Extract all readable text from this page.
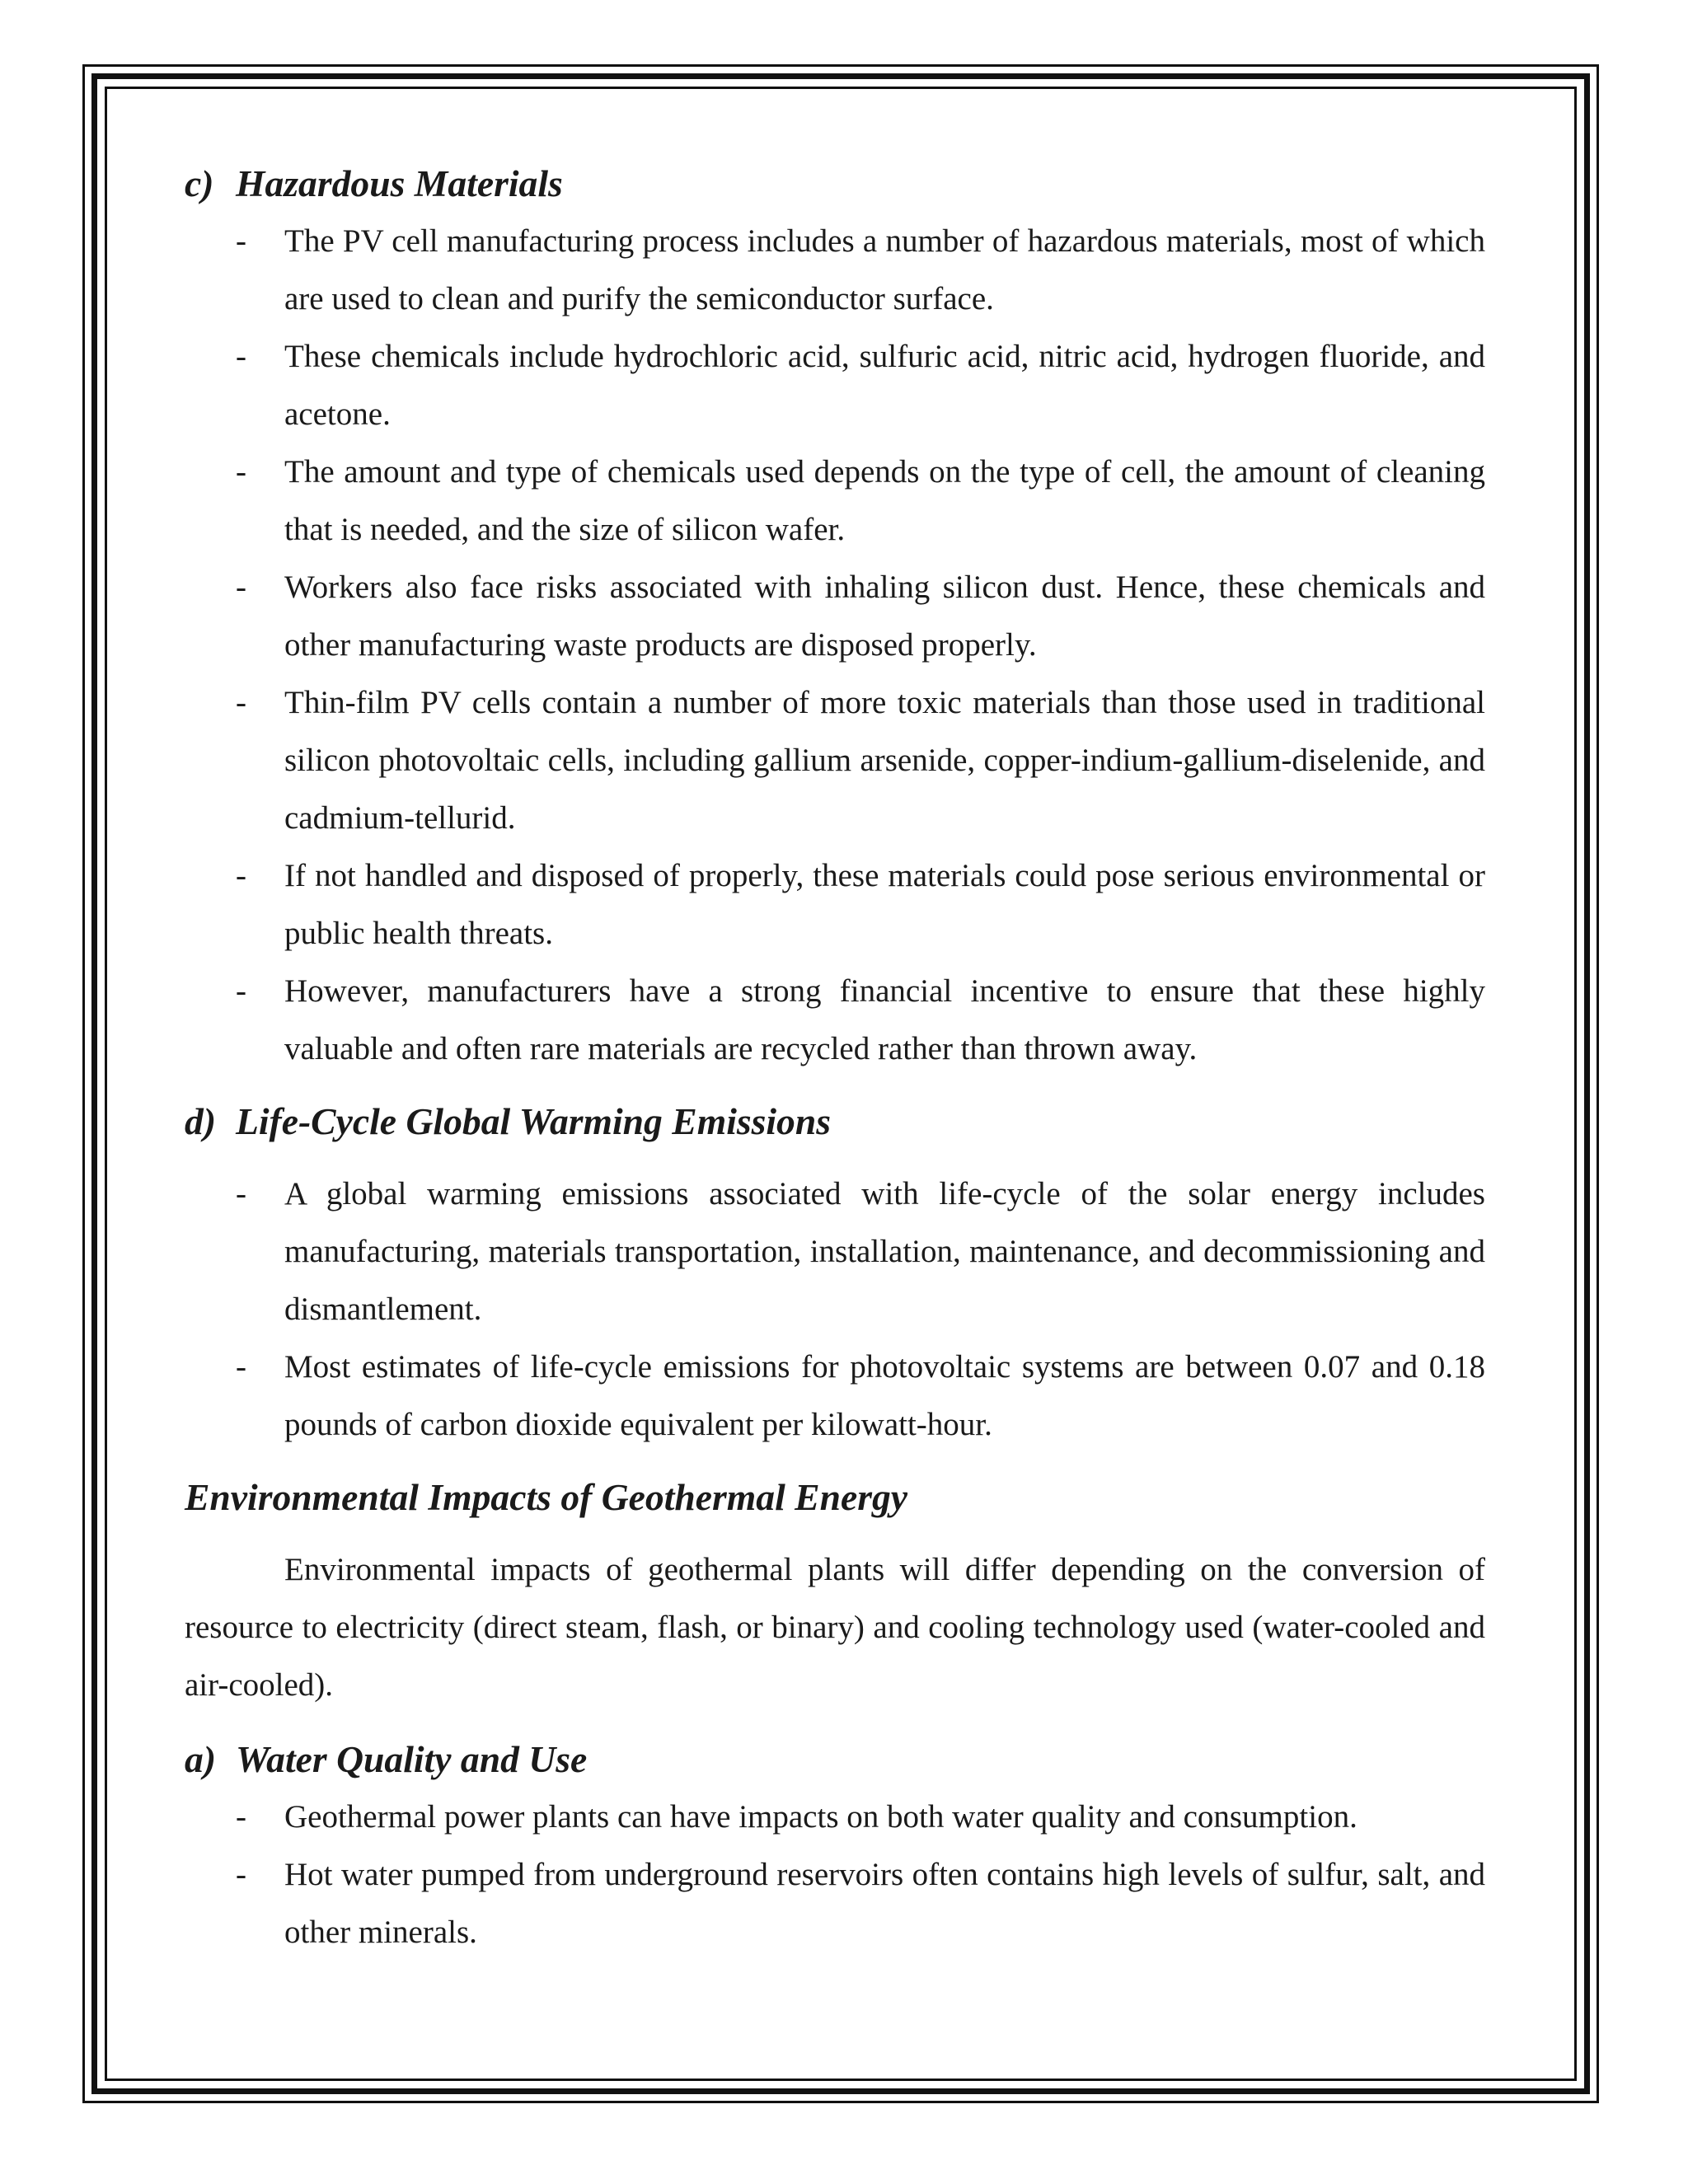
c) Hazardous Materials
- The PV cell manufacturing process includes a number of hazardous materials, most of which are used to clean and purify the semiconductor surface.
- These chemicals include hydrochloric acid, sulfuric acid, nitric acid, hydrogen fluoride, and acetone.
- The amount and type of chemicals used depends on the type of cell, the amount of cleaning that is needed, and the size of silicon wafer.
- Workers also face risks associated with inhaling silicon dust. Hence, these chemicals and other manufacturing waste products are disposed properly.
- Thin-film PV cells contain a number of more toxic materials than those used in traditional silicon photovoltaic cells, including gallium arsenide, copper-indium-gallium-diselenide, and cadmium-tellurid.
- If not handled and disposed of properly, these materials could pose serious environmental or public health threats.
- However, manufacturers have a strong financial incentive to ensure that these highly valuable and often rare materials are recycled rather than thrown away.
d) Life-Cycle Global Warming Emissions
- A global warming emissions associated with life-cycle of the solar energy includes manufacturing, materials transportation, installation, maintenance, and decommissioning and dismantlement.
- Most estimates of life-cycle emissions for photovoltaic systems are between 0.07 and 0.18 pounds of carbon dioxide equivalent per kilowatt-hour.
Environmental Impacts of Geothermal Energy

Environmental impacts of geothermal plants will differ depending on the conversion of resource to electricity (direct steam, flash, or binary) and cooling technology used (water-cooled and air-cooled).

a) Water Quality and Use
- Geothermal power plants can have impacts on both water quality and consumption.
- Hot water pumped from underground reservoirs often contains high levels of sulfur, salt, and other minerals.
